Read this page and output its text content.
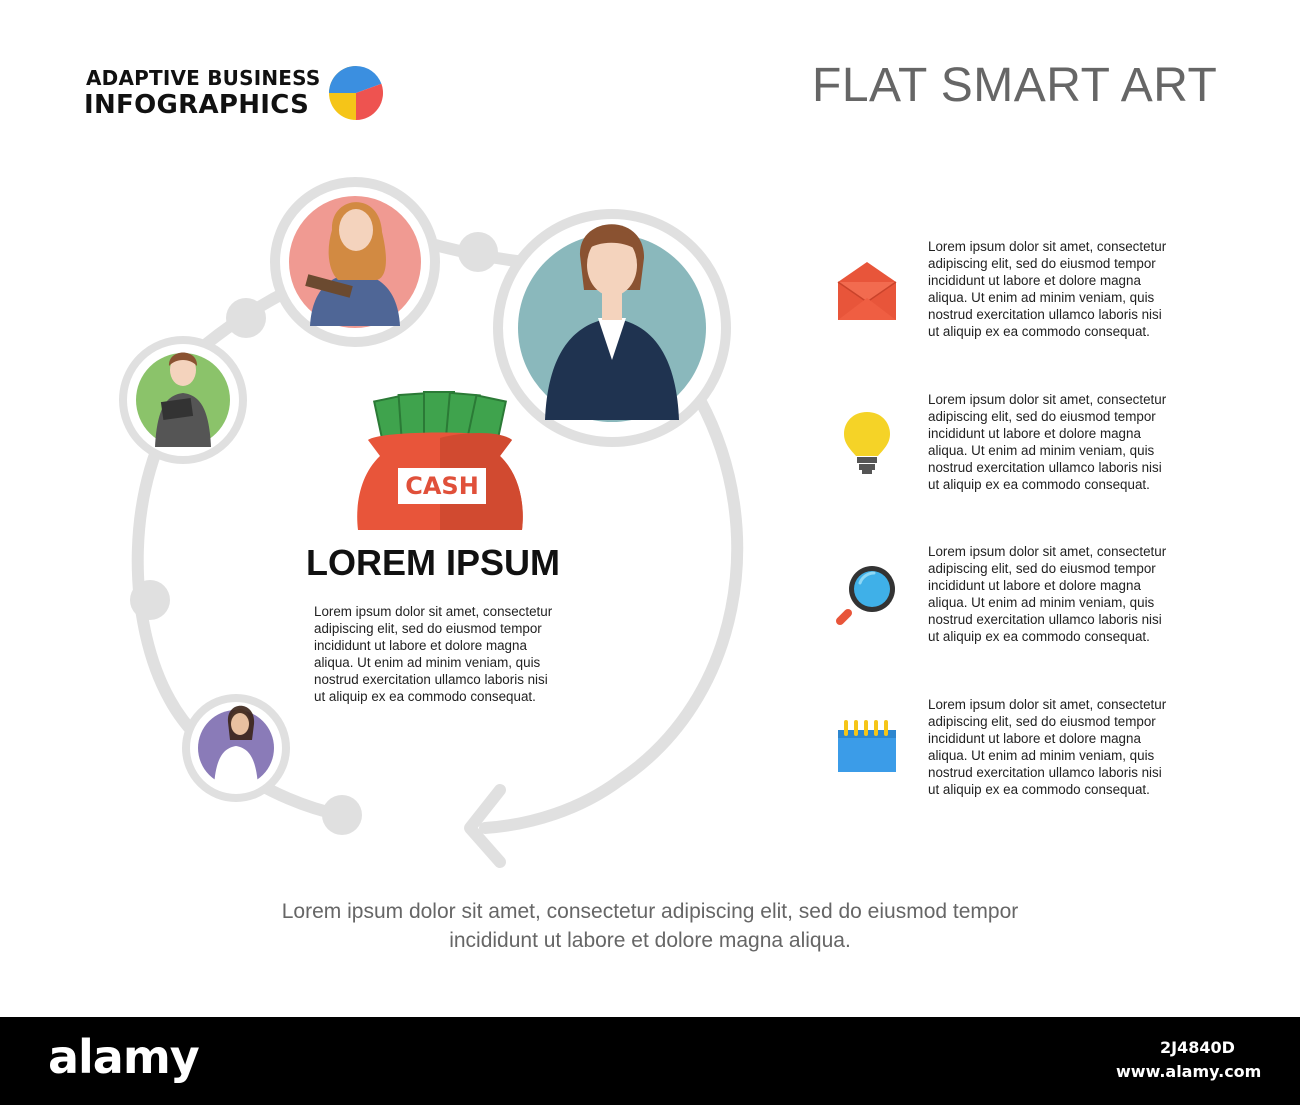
ADAPTIVE BUSINESS
INFOGRAPHICS	FLAT SMART ART
CASH
LOREM IPSUM
Lorem ipsum dolor sit amet, consectetur
adipiscing elit, sed do eiusmod tempor
incididunt ut labore et dolore magna
aliqua. Ut enim ad minim veniam, quis
nostrud exercitation ullamco laboris nisi
ut aliquip ex ea commodo consequat.
Lorem ipsum dolor sit amet, consectetur
adipiscing elit, sed do eiusmod tempor
incididunt ut labore et dolore magna
aliqua. Ut enim ad minim veniam, quis
nostrud exercitation ullamco laboris nisi
ut aliquip ex ea commodo consequat.
Lorem ipsum dolor sit amet, consectetur
adipiscing elit, sed do eiusmod tempor
incididunt ut labore et dolore magna
aliqua. Ut enim ad minim veniam, quis
nostrud exercitation ullamco laboris nisi
ut aliquip ex ea commodo consequat.
Lorem ipsum dolor sit amet, consectetur
adipiscing elit, sed do eiusmod tempor
incididunt ut labore et dolore magna
aliqua. Ut enim ad minim veniam, quis
nostrud exercitation ullamco laboris nisi
ut aliquip ex ea commodo consequat.
Lorem ipsum dolor sit amet, consectetur
adipiscing elit, sed do eiusmod tempor
incididunt ut labore et dolore magna
aliqua. Ut enim ad minim veniam, quis
nostrud exercitation ullamco laboris nisi
ut aliquip ex ea commodo consequat.
Lorem ipsum dolor sit amet, consectetur adipiscing elit, sed do eiusmod tempor
incididunt ut labore et dolore magna aliqua.
alamy	2J4840D
www.alamy.com
